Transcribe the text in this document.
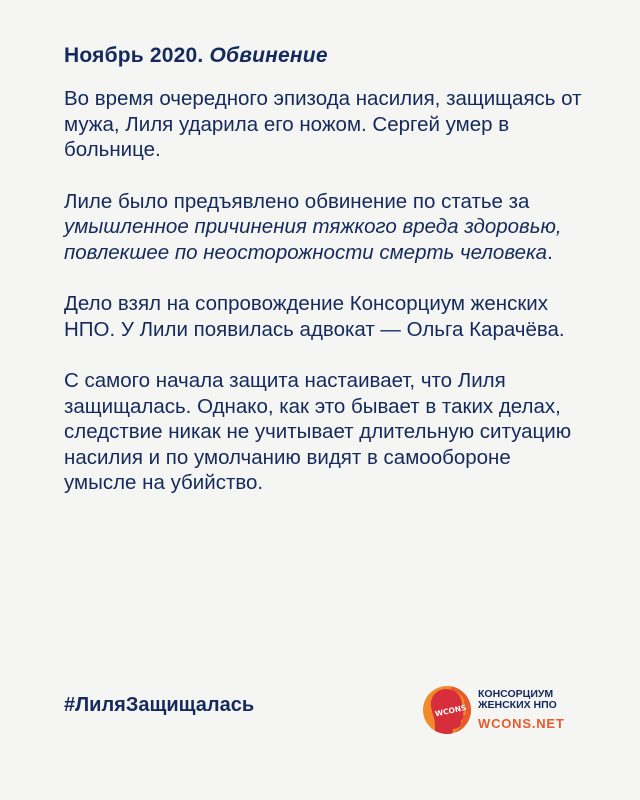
Ноябрь 2020. Обвинение

Во время очередного эпизода насилия, защищаясь от мужа, Лиля ударила его ножом. Сергей умер в больнице.

Лиле было предъявлено обвинение по статье за умышленное причинения тяжкого вреда здоровью, повлекшее по неосторожности смерть человека.

Дело взял на сопровождение Консорциум женских НПО. У Лили появилась адвокат — Ольга Карачёва.

С самого начала защита настаивает, что Лиля защищалась. Однако, как это бывает в таких делах, следствие никак не учитывает длительную ситуацию насилия и по умолчанию видят в самообороне умысле на убийство.

#ЛиляЗащищалась	WCONS
КОНСОРЦИУМ
ЖЕНСКИХ НПО
WCONS.NET
